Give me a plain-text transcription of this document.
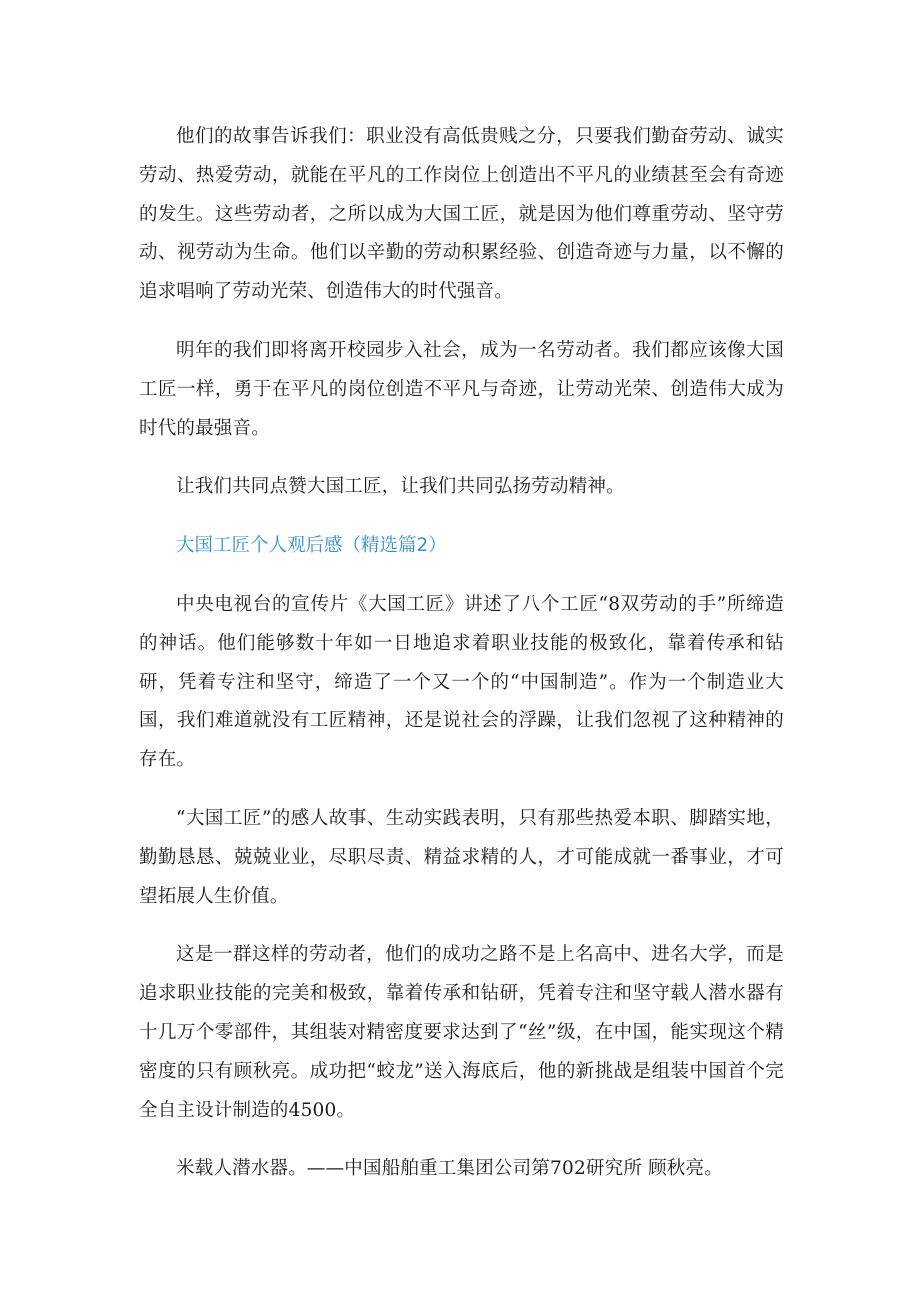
他们的故事告诉我们：职业没有高低贵贱之分，只要我们勤奋劳动、诚实劳动、热爱劳动，就能在平凡的工作岗位上创造出不平凡的业绩甚至会有奇迹的发生。这些劳动者，之所以成为大国工匠，就是因为他们尊重劳动、坚守劳动、视劳动为生命。他们以辛勤的劳动积累经验、创造奇迹与力量，以不懈的追求唱响了劳动光荣、创造伟大的时代强音。

明年的我们即将离开校园步入社会，成为一名劳动者。我们都应该像大国工匠一样，勇于在平凡的岗位创造不平凡与奇迹，让劳动光荣、创造伟大成为时代的最强音。

让我们共同点赞大国工匠，让我们共同弘扬劳动精神。

大国工匠个人观后感（精选篇2）

中央电视台的宣传片《大国工匠》讲述了八个工匠“8双劳动的手”所缔造的神话。他们能够数十年如一日地追求着职业技能的极致化，靠着传承和钻研，凭着专注和坚守，缔造了一个又一个的“中国制造”。作为一个制造业大国，我们难道就没有工匠精神，还是说社会的浮躁，让我们忽视了这种精神的存在。

“大国工匠”的感人故事、生动实践表明，只有那些热爱本职、脚踏实地，勤勤恳恳、兢兢业业，尽职尽责、精益求精的人，才可能成就一番事业，才可望拓展人生价值。

这是一群这样的劳动者，他们的成功之路不是上名高中、进名大学，而是追求职业技能的完美和极致，靠着传承和钻研，凭着专注和坚守载人潜水器有十几万个零部件，其组装对精密度要求达到了“丝”级，在中国，能实现这个精密度的只有顾秋亮。成功把“蛟龙”送入海底后，他的新挑战是组装中国首个完全自主设计制造的4500。

米载人潜水器。——中国船舶重工集团公司第702研究所 顾秋亮。
